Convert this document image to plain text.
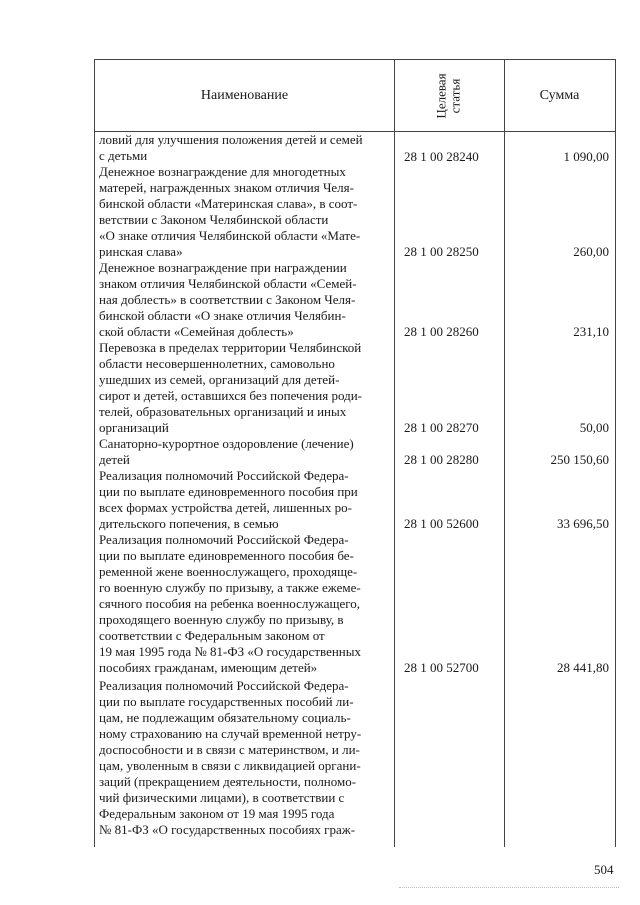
Наименование	Целевая статья	Сумма
ловий для улучшения положения детей и семей
с детьми	28 1 00 28240	1 090,00
Денежное вознаграждение для многодетных
матерей, награжденных знаком отличия Челя-
бинской области «Материнская слава», в соот-
ветствии с Законом Челябинской области
«О знаке отличия Челябинской области «Мате-
ринская слава»	28 1 00 28250	260,00
Денежное вознаграждение при награждении
знаком отличия Челябинской области «Семей-
ная доблесть» в соответствии с Законом Челя-
бинской области «О знаке отличия Челябин-
ской области «Семейная доблесть»	28 1 00 28260	231,10
Перевозка в пределах территории Челябинской
области несовершеннолетних, самовольно
ушедших из семей, организаций для детей-
сирот и детей, оставшихся без попечения роди-
телей, образовательных организаций и иных
организаций	28 1 00 28270	50,00
Санаторно-курортное оздоровление (лечение)
детей	28 1 00 28280	250 150,60
Реализация полномочий Российской Федера-
ции по выплате единовременного пособия при
всех формах устройства детей, лишенных ро-
дительского попечения, в семью	28 1 00 52600	33 696,50
Реализация полномочий Российской Федера-
ции по выплате единовременного пособия бе-
ременной жене военнослужащего, проходяще-
го военную службу по призыву, а также ежеме-
сячного пособия на ребенка военнослужащего,
проходящего военную службу по призыву, в
соответствии с Федеральным законом от
19 мая 1995 года № 81-ФЗ «О государственных
пособиях гражданам, имеющим детей»	28 1 00 52700	28 441,80
Реализация полномочий Российской Федера-
ции по выплате государственных пособий ли-
цам, не подлежащим обязательному социаль-
ному страхованию на случай временной нетру-
доспособности и в связи с материнством, и ли-
цам, уволенным в связи с ликвидацией органи-
заций (прекращением деятельности, полномо-
чий физическими лицами), в соответствии с
Федеральным законом от 19 мая 1995 года
№ 81-ФЗ «О государственных пособиях граж-
504
